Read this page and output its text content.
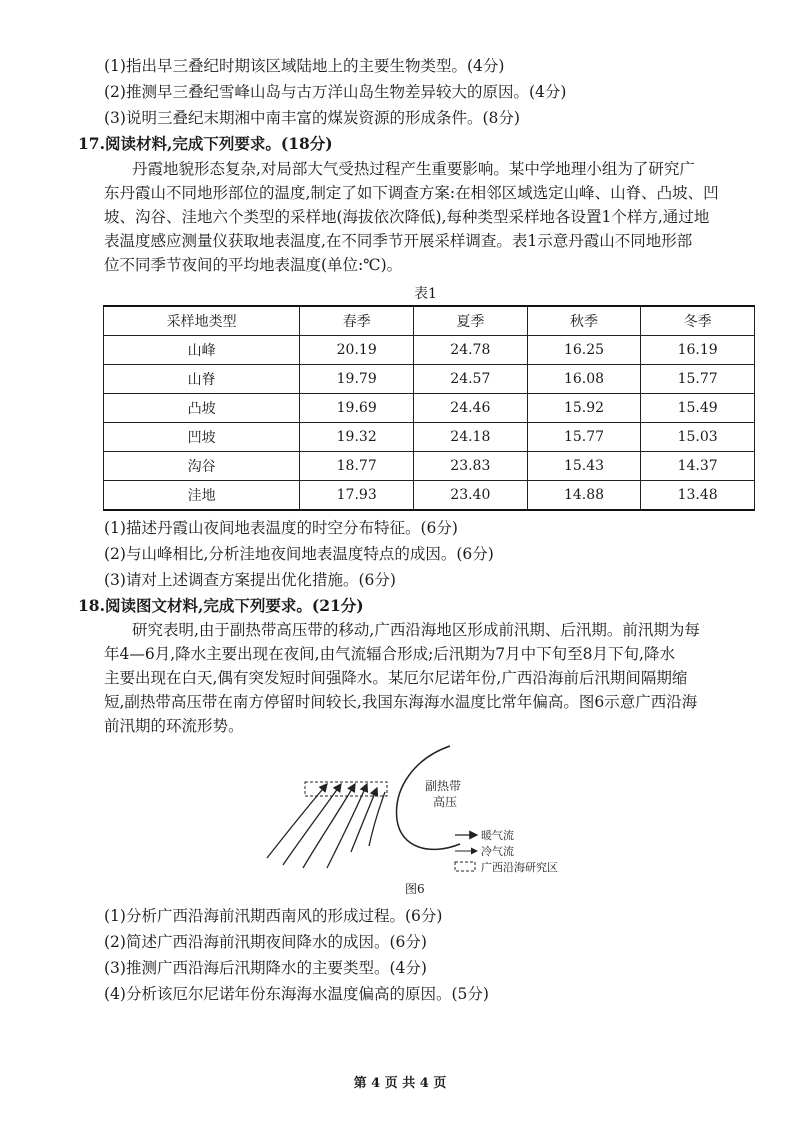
(1)指出早三叠纪时期该区域陆地上的主要生物类型。(4分)
(2)推测早三叠纪雪峰山岛与古万洋山岛生物差异较大的原因。(4分)
(3)说明三叠纪末期湘中南丰富的煤炭资源的形成条件。(8分)
17.阅读材料,完成下列要求。(18分)
丹霞地貌形态复杂,对局部大气受热过程产生重要影响。某中学地理小组为了研究广
东丹霞山不同地形部位的温度,制定了如下调查方案:在相邻区域选定山峰、山脊、凸坡、凹
坡、沟谷、洼地六个类型的采样地(海拔依次降低),每种类型采样地各设置1个样方,通过地
表温度感应测量仪获取地表温度,在不同季节开展采样调查。表1示意丹霞山不同地形部
位不同季节夜间的平均地表温度(单位:℃)。
表1
采样地类型	春季	夏季	秋季	冬季
山峰	20.19	24.78	16.25	16.19
山脊	19.79	24.57	16.08	15.77
凸坡	19.69	24.46	15.92	15.49
凹坡	19.32	24.18	15.77	15.03
沟谷	18.77	23.83	15.43	14.37
洼地	17.93	23.40	14.88	13.48
(1)描述丹霞山夜间地表温度的时空分布特征。(6分)
(2)与山峰相比,分析洼地夜间地表温度特点的成因。(6分)
(3)请对上述调查方案提出优化措施。(6分)
18.阅读图文材料,完成下列要求。(21分)
研究表明,由于副热带高压带的移动,广西沿海地区形成前汛期、后汛期。前汛期为每
年4—6月,降水主要出现在夜间,由气流辐合形成;后汛期为7月中下旬至8月下旬,降水
主要出现在白天,偶有突发短时间强降水。某厄尔尼诺年份,广西沿海前后汛期间隔期缩
短,副热带高压带在南方停留时间较长,我国东海海水温度比常年偏高。图6示意广西沿海
前汛期的环流形势。
副热带
高压
暖气流
冷气流
广西沿海研究区
图6
(1)分析广西沿海前汛期西南风的形成过程。(6分)
(2)简述广西沿海前汛期夜间降水的成因。(6分)
(3)推测广西沿海后汛期降水的主要类型。(4分)
(4)分析该厄尔尼诺年份东海海水温度偏高的原因。(5分)
第 4 页 共 4 页
